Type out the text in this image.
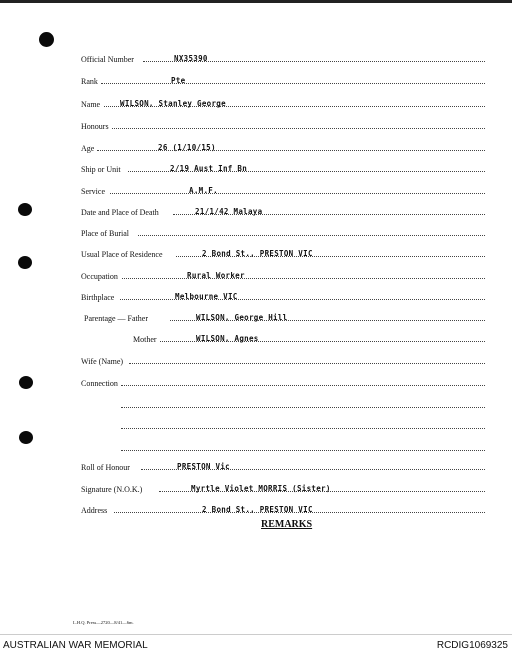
Official Number	NX35390
Rank	Pte
Name	WILSON, Stanley George
Honours
Age	26 (1/10/15)
Ship or Unit	2/19 Aust Inf Bn
Service	A.M.F.
Date and Place of Death	21/1/42 Malaya
Place of Burial
Usual Place of Residence	2 Bond St., PRESTON VIC
Occupation	Rural Worker
Birthplace	Melbourne VIC
Parentage — Father	WILSON, George Hill
Mother	WILSON, Agnes
Wife (Name)
Connection
Roll of Honour	PRESTON Vic
Signature (N.O.K.)	Myrtle Violet MORRIS (Sister)
Address	2 Bond St., PRESTON VIC
REMARKS
L.H.Q. Press—2720—8/41—6m.
AUSTRALIAN WAR MEMORIAL	RCDIG1069325
